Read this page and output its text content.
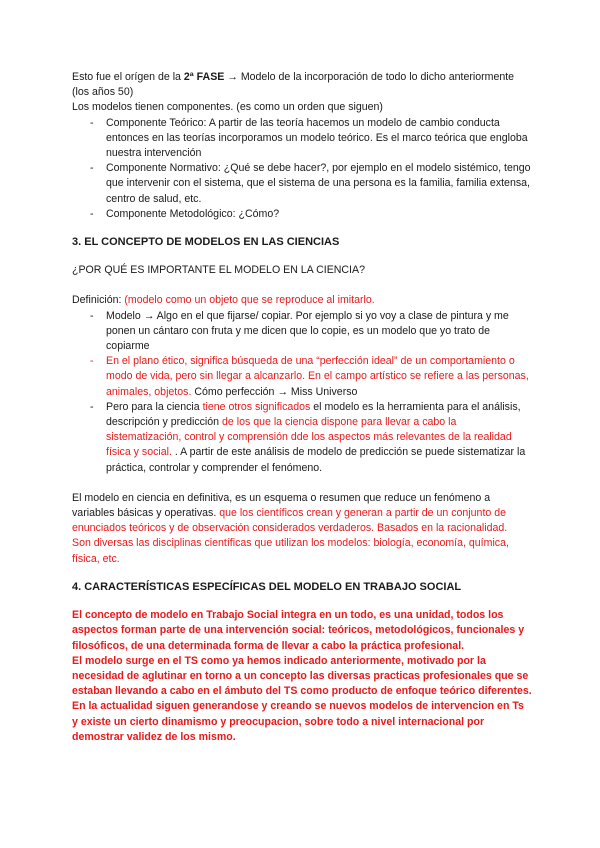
Esto fue el orígen de la 2ª FASE → Modelo de la incorporación de todo lo dicho anteriormente (los años 50)

Los modelos tienen componentes. (es como un orden que siguen)

- Componente Teórico: A partir de las teoría hacemos un modelo de cambio conducta entonces en las teorías incorporamos un modelo teórico. Es el marco teórica que engloba nuestra intervención
- Componente Normativo: ¿Qué se debe hacer?, por ejemplo en el modelo sistémico, tengo que intervenir con el sistema, que el sistema de una persona es la familia, familia extensa, centro de salud, etc.
- Componente Metodológico: ¿Cómo?
3. EL CONCEPTO DE MODELOS EN LAS CIENCIAS

¿POR QUÉ ES IMPORTANTE EL MODELO EN LA CIENCIA?

Definición: (modelo como un objeto que se reproduce al imitarlo.

- Modelo → Algo en el que fijarse/ copiar. Por ejemplo si yo voy a clase de pintura y me ponen un cántaro con fruta y me dicen que lo copie, es un modelo que yo trato de copiarme
- En el plano ético, significa búsqueda de una “perfección ideal” de un comportamiento o modo de vida, pero sin llegar a alcanzarlo. En el campo artístico se refiere a las personas, animales, objetos. Cómo perfección → Miss Universo
- Pero para la ciencia tiene otros significados el modelo es la herramienta para el análisis, descripción y predicción de los que la ciencia dispone para llevar a cabo la sistematización, control y comprensión dde los aspectos más relevantes de la realidad física y social. . A partir de este análisis de modelo de predicción se puede sistematizar la práctica, controlar y comprender el fenómeno.

El modelo en ciencia en definitiva, es un esquema o resumen que reduce un fenómeno a variables básicas y operativas. que los científicos crean y generan a partir de un conjunto de enunciados teóricos y de observación considerados verdaderos. Basados en la racionalidad.

Son diversas las disciplinas científicas que utilizan los modelos: biología, economía, química, física, etc.

4. CARACTERÍSTICAS ESPECÍFICAS DEL MODELO EN TRABAJO SOCIAL

El concepto de modelo en Trabajo Social integra en un todo, es una unidad, todos los aspectos forman parte de una intervención social: teóricos, metodológicos, funcionales y filosóficos, de una determinada forma de llevar a cabo la práctica profesional.

El modelo surge en el TS como ya hemos indicado anteriormente, motivado por la necesidad de aglutinar en torno a un concepto las diversas practicas profesionales que se estaban llevando a cabo en el ámbuto del TS como producto de enfoque teórico diferentes. En la actualidad siguen generandose y creando se nuevos modelos de intervencion en Ts y existe un cierto dinamismo y preocupacion, sobre todo a nivel internacional por demostrar validez de los mismo.
